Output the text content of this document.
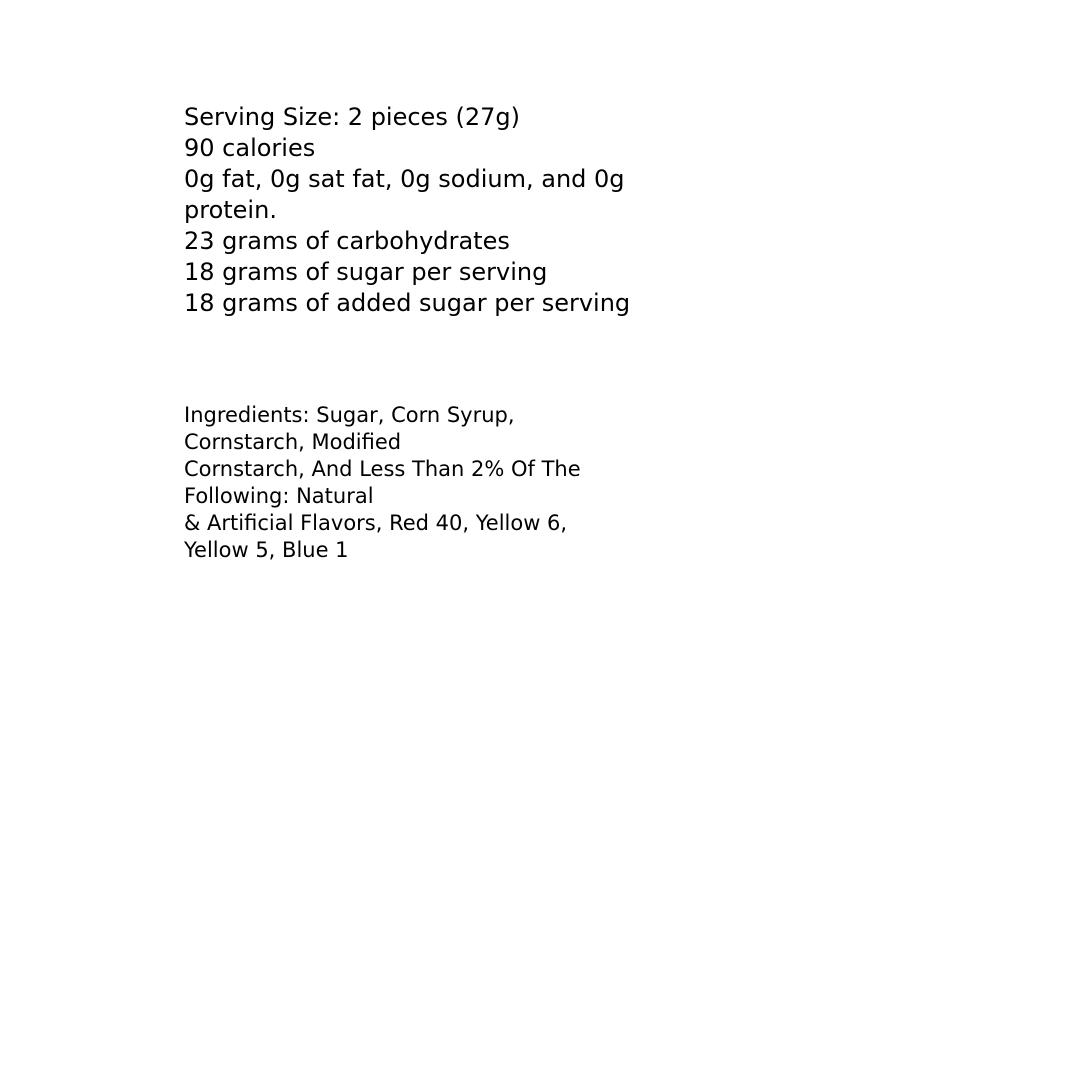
Serving Size: 2 pieces (27g)
90 calories
0g fat, 0g sat fat, 0g sodium, and 0g
protein.
23 grams of carbohydrates
18 grams of sugar per serving
18 grams of added sugar per serving
Ingredients: Sugar, Corn Syrup,
Cornstarch, Modified
Cornstarch, And Less Than 2% Of The
Following: Natural
& Artificial Flavors, Red 40, Yellow 6,
Yellow 5, Blue 1
